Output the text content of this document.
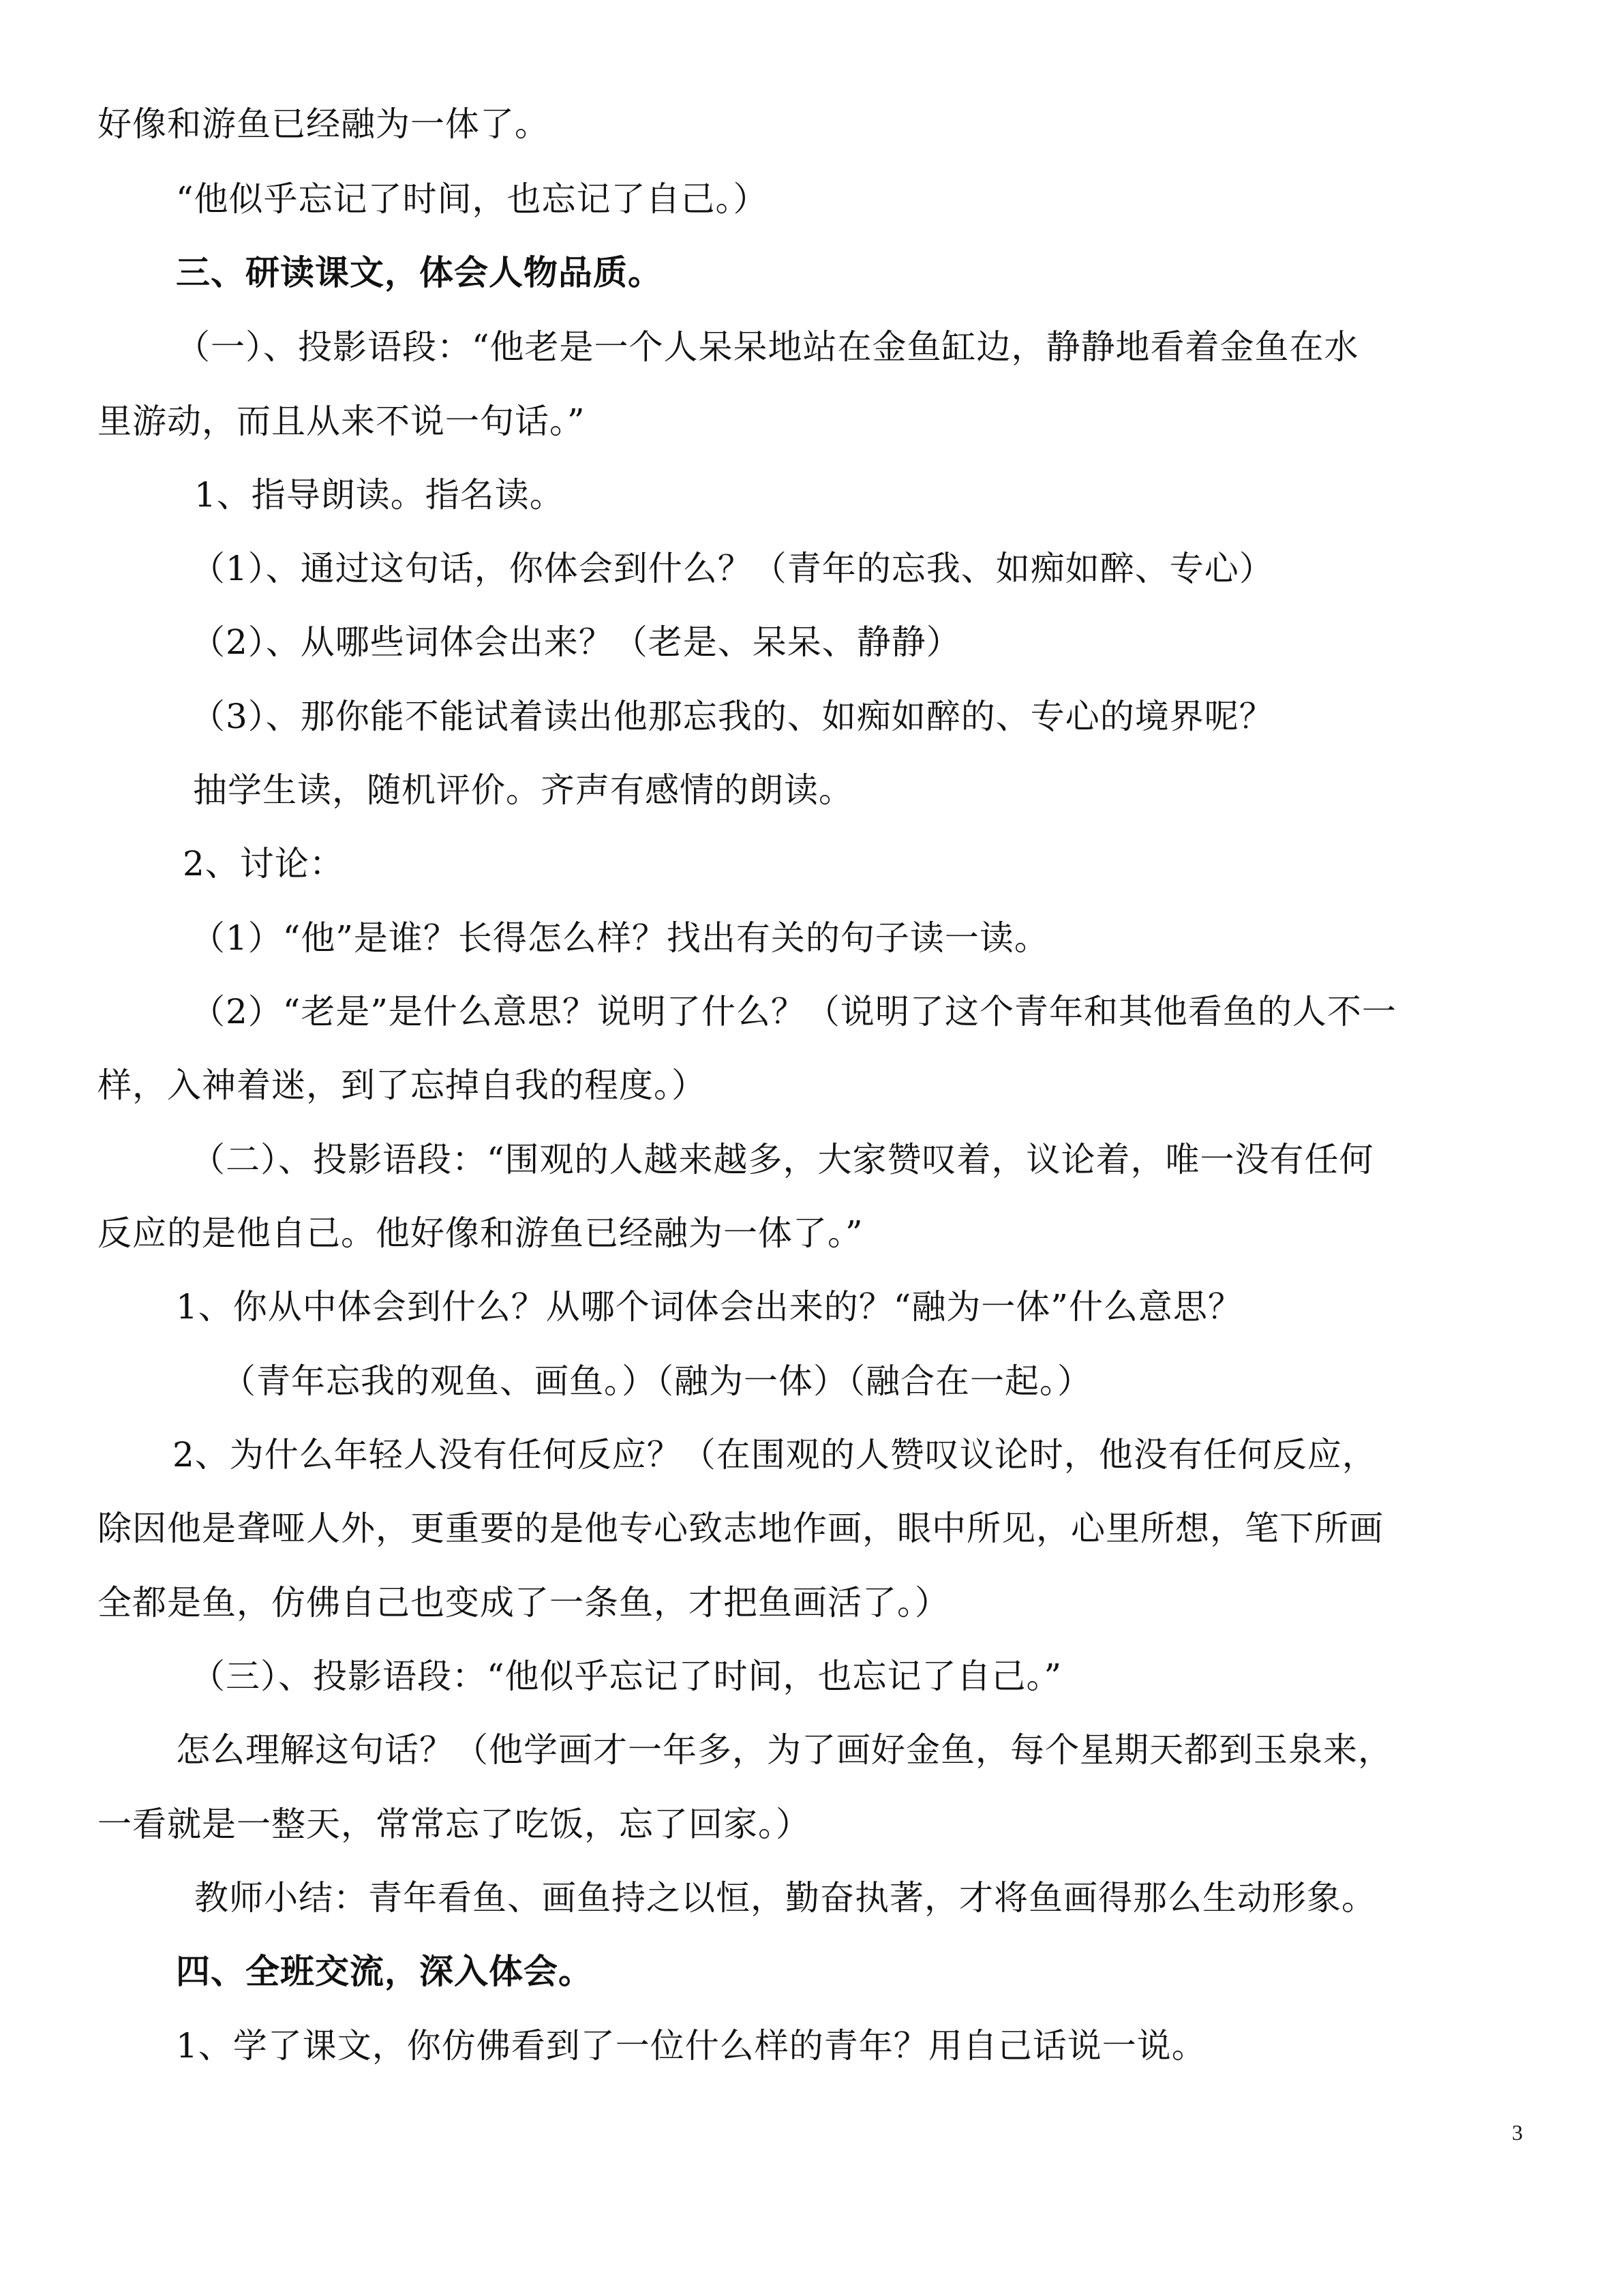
好像和游鱼已经融为一体了。
“他似乎忘记了时间，也忘记了自己。）
三、研读课文，体会人物品质。
（一）、投影语段：“他老是一个人呆呆地站在金鱼缸边，静静地看着金鱼在水
里游动，而且从来不说一句话。”
1、指导朗读。指名读。
（1）、通过这句话，你体会到什么？（青年的忘我、如痴如醉、专心）
（2）、从哪些词体会出来？（老是、呆呆、静静）
（3）、那你能不能试着读出他那忘我的、如痴如醉的、专心的境界呢？
抽学生读，随机评价。齐声有感情的朗读。
2、讨论：
（1）“他”是谁？长得怎么样？找出有关的句子读一读。
（2）“老是”是什么意思？说明了什么？（说明了这个青年和其他看鱼的人不一
样，入神着迷，到了忘掉自我的程度。）
（二）、投影语段：“围观的人越来越多，大家赞叹着，议论着，唯一没有任何
反应的是他自己。他好像和游鱼已经融为一体了。”
1、你从中体会到什么？从哪个词体会出来的？“融为一体”什么意思？
（青年忘我的观鱼、画鱼。）（融为一体）（融合在一起。）
2、为什么年轻人没有任何反应？（在围观的人赞叹议论时，他没有任何反应，
除因他是聋哑人外，更重要的是他专心致志地作画，眼中所见，心里所想，笔下所画
全都是鱼，仿佛自己也变成了一条鱼，才把鱼画活了。）
（三）、投影语段：“他似乎忘记了时间，也忘记了自己。”
怎么理解这句话？（他学画才一年多，为了画好金鱼，每个星期天都到玉泉来，
一看就是一整天，常常忘了吃饭，忘了回家。）
教师小结：青年看鱼、画鱼持之以恒，勤奋执著，才将鱼画得那么生动形象。
四、全班交流，深入体会。
1、学了课文，你仿佛看到了一位什么样的青年？用自己话说一说。
3
